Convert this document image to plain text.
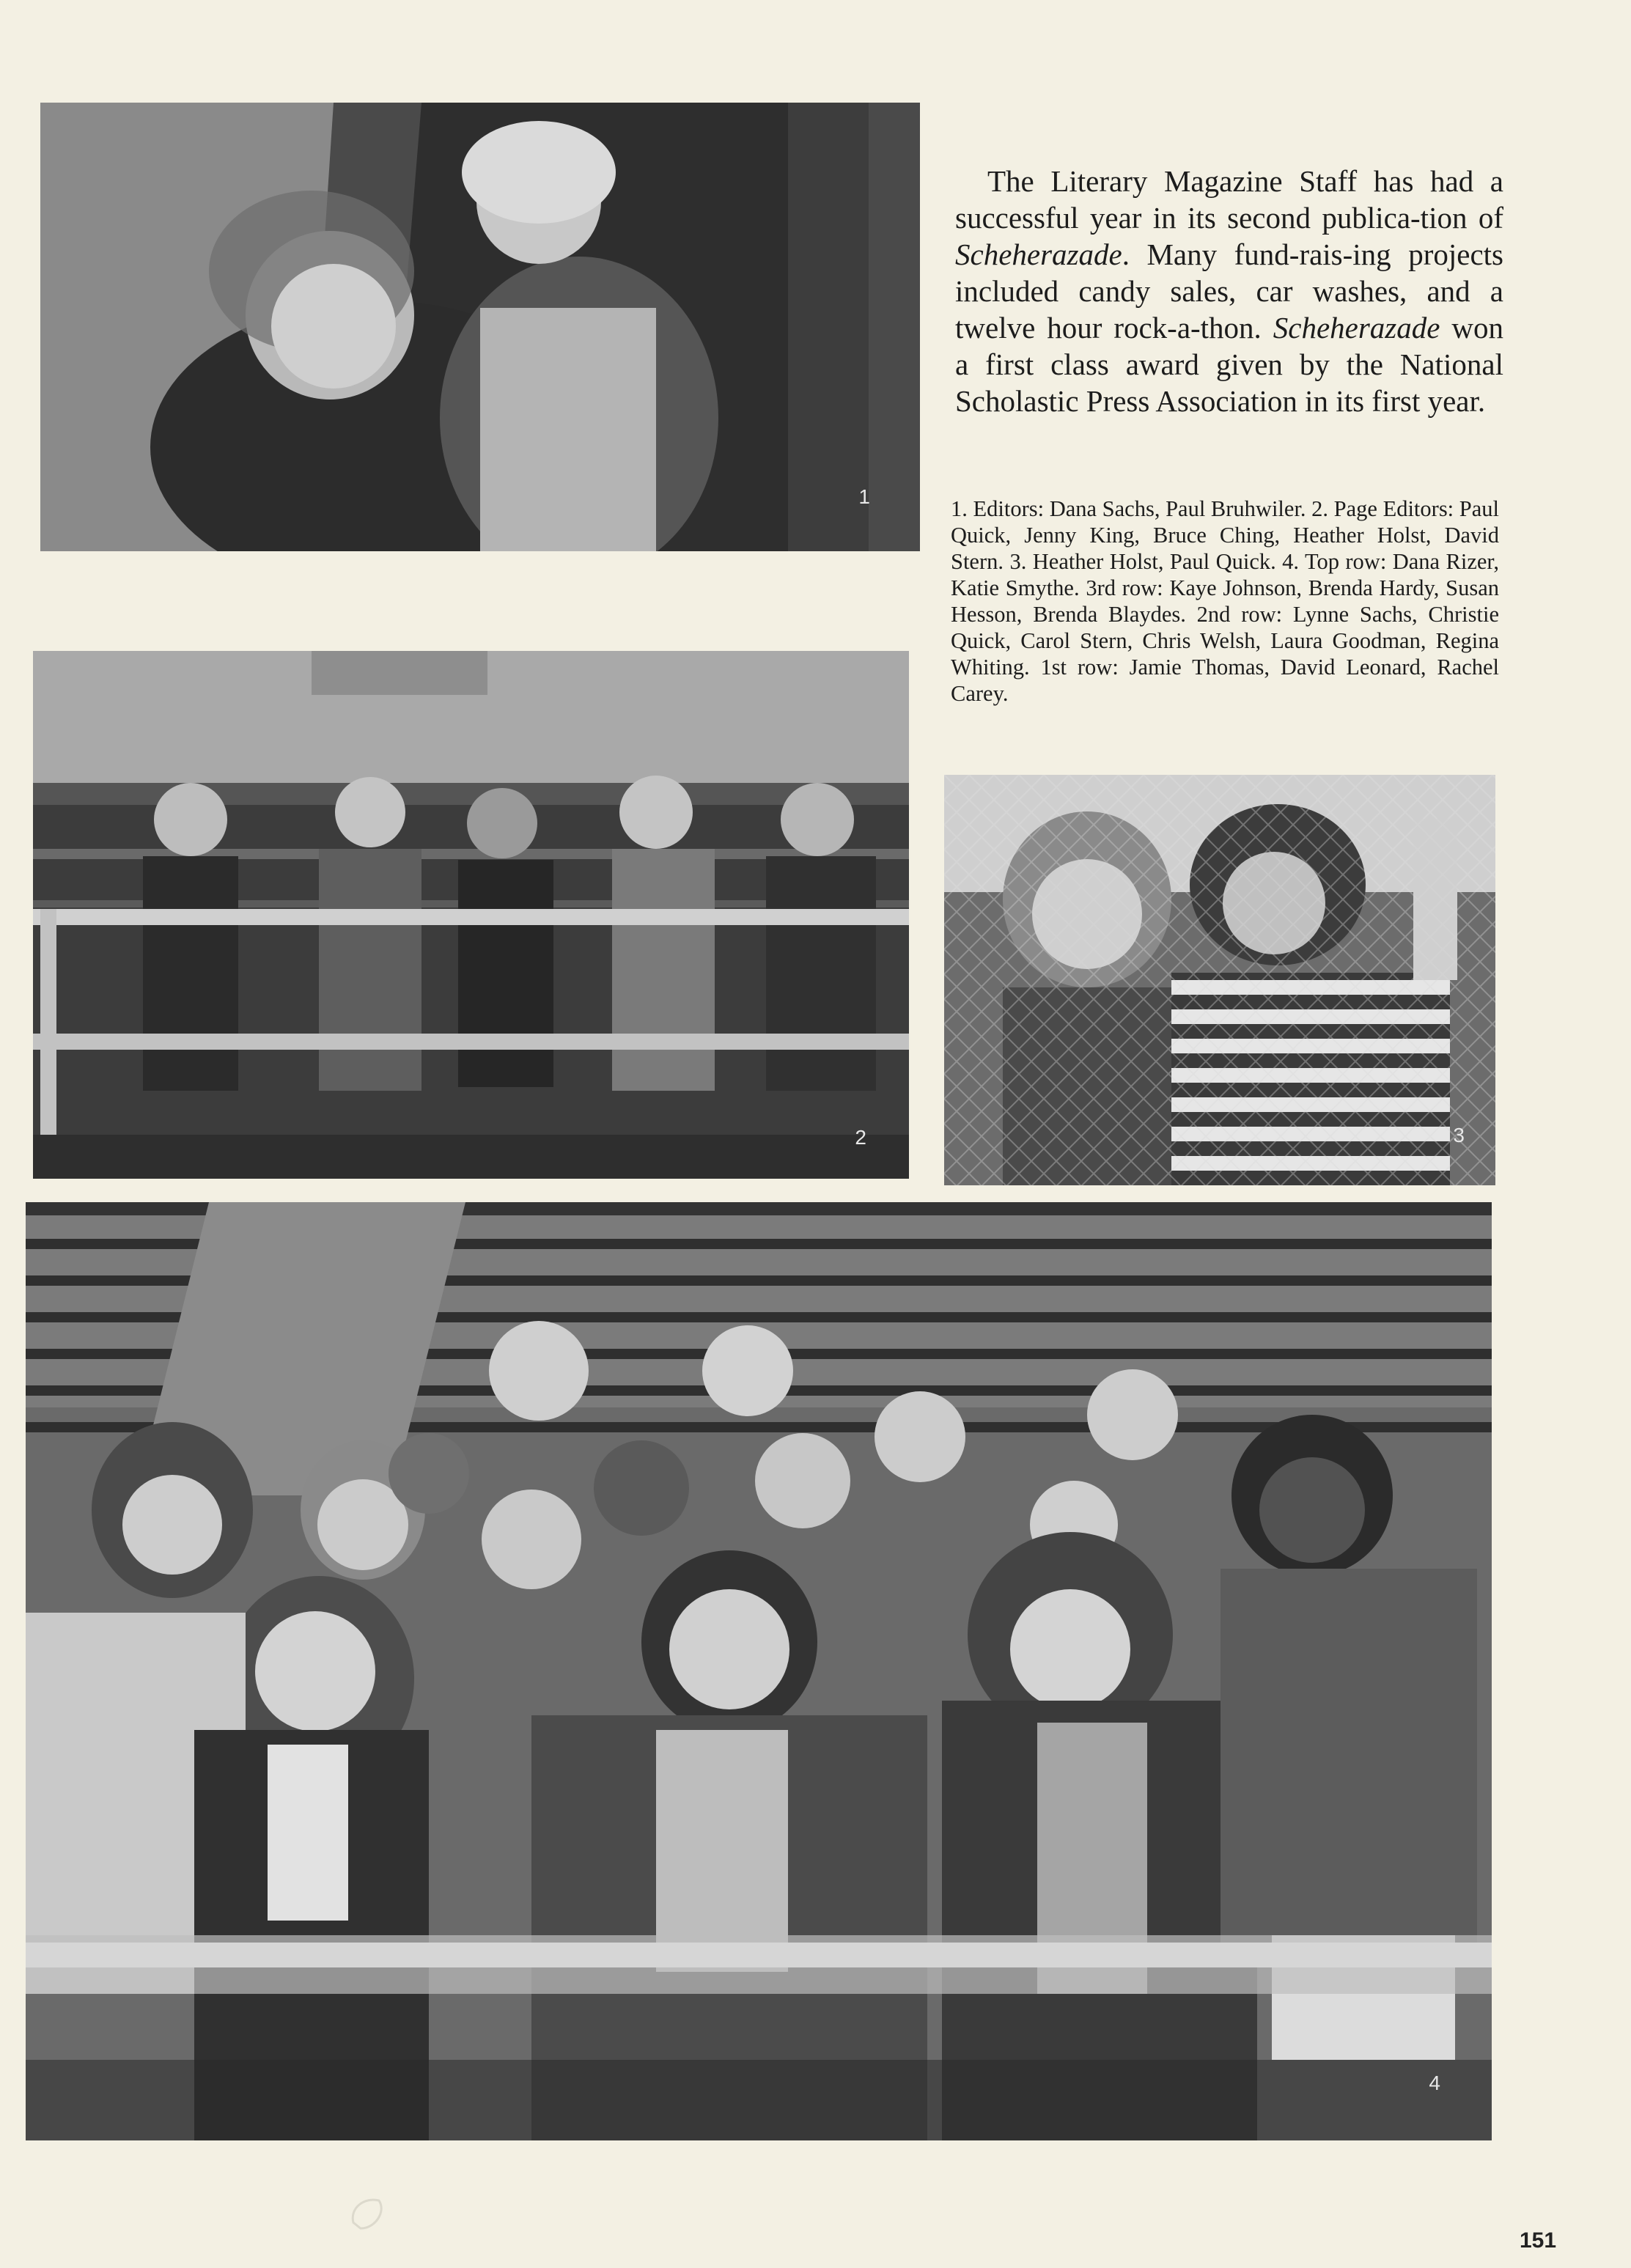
1

The Literary Magazine Staff has had a successful year in its second publica-tion of Scheherazade. Many fund-rais-ing projects included candy sales, car washes, and a twelve hour rock-a-thon. Scheherazade won a first class award given by the National Scholastic Press Association in its first year.

1. Editors: Dana Sachs, Paul Bruhwiler. 2. Page Editors: Paul Quick, Jenny King, Bruce Ching, Heather Holst, David Stern. 3. Heather Holst, Paul Quick. 4. Top row: Dana Rizer, Katie Smythe. 3rd row: Kaye Johnson, Brenda Hardy, Susan Hesson, Brenda Blaydes. 2nd row: Lynne Sachs, Christie Quick, Carol Stern, Chris Welsh, Laura Goodman, Regina Whiting. 1st row: Jamie Thomas, David Leonard, Rachel Carey.

2	3
4
151
